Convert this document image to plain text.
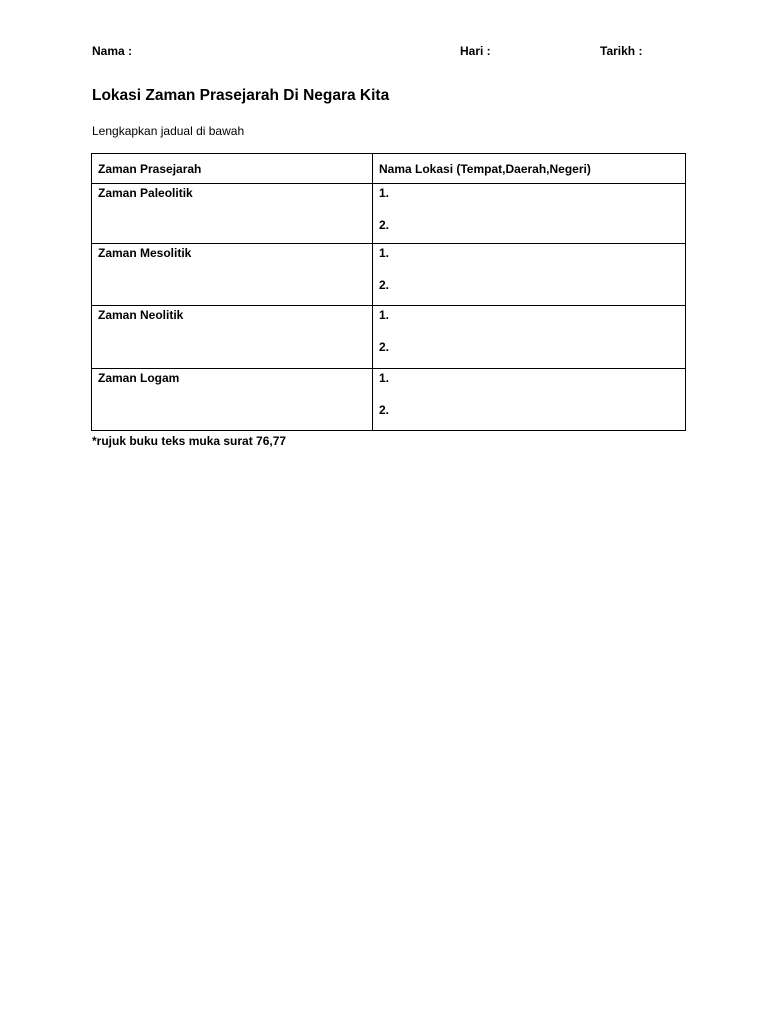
Nama :	Hari :	Tarikh :
Lokasi Zaman Prasejarah Di Negara Kita
Lengkapkan jadual di bawah
Zaman Prasejarah	Nama Lokasi (Tempat,Daerah,Negeri)

Zaman Paleolitik	1.
2.

Zaman Mesolitik	1.
2.

Zaman Neolitik	1.
2.

Zaman Logam	1.
2.
*rujuk buku teks muka surat 76,77
